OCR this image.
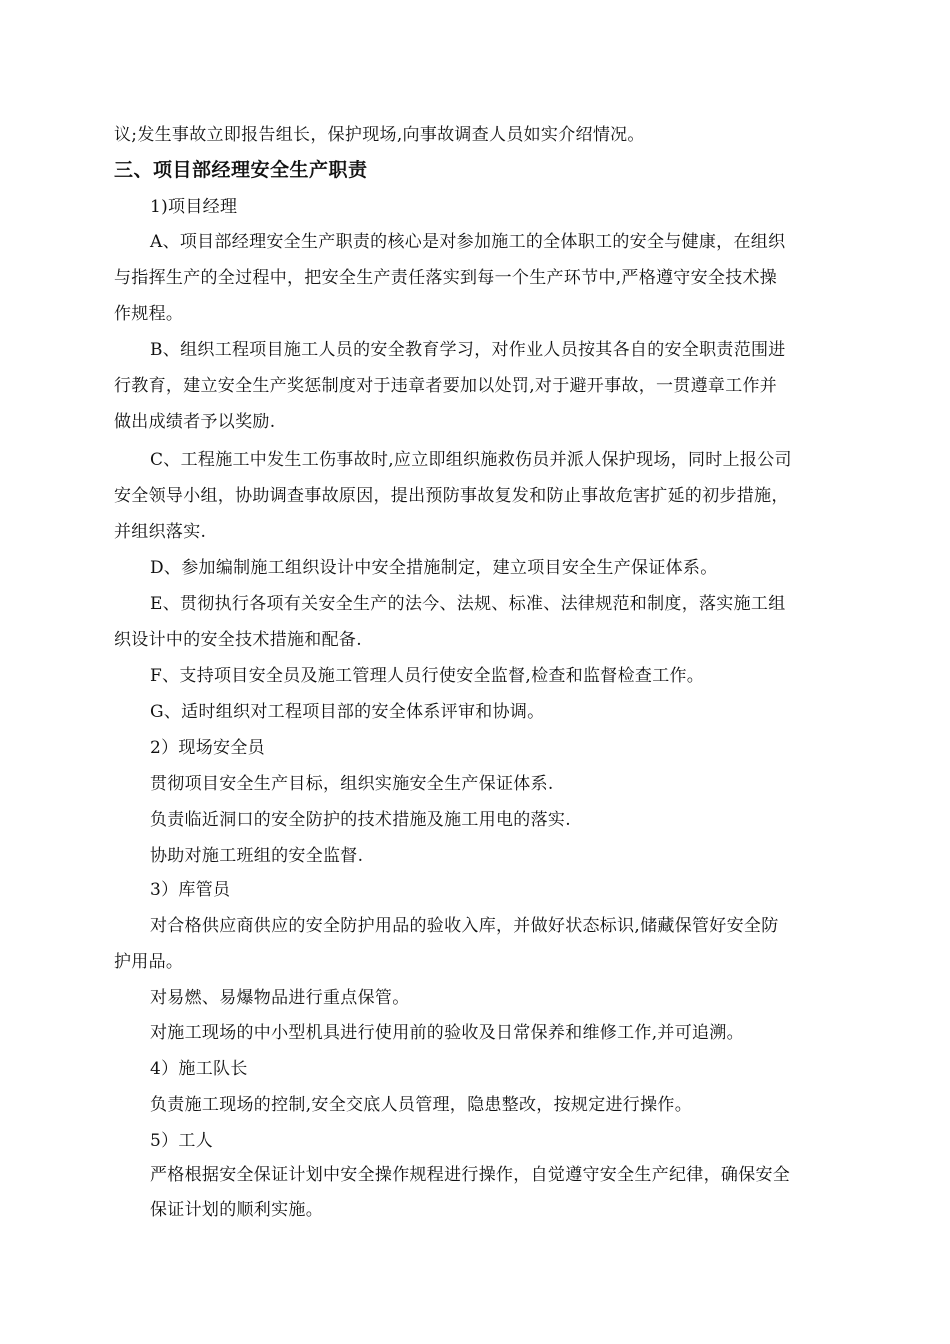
议;发生事故立即报告组长，保护现场,向事故调查人员如实介绍情况。
三、项目部经理安全生产职责
1)项目经理
A、项目部经理安全生产职责的核心是对参加施工的全体职工的安全与健康，在组织
与指挥生产的全过程中，把安全生产责任落实到每一个生产环节中,严格遵守安全技术操
作规程。
B、组织工程项目施工人员的安全教育学习，对作业人员按其各自的安全职责范围进
行教育，建立安全生产奖惩制度对于违章者要加以处罚,对于避开事故，一贯遵章工作并
做出成绩者予以奖励.
C、工程施工中发生工伤事故时,应立即组织施救伤员并派人保护现场，同时上报公司
安全领导小组，协助调查事故原因，提出预防事故复发和防止事故危害扩延的初步措施，
并组织落实.
D、参加编制施工组织设计中安全措施制定，建立项目安全生产保证体系。
E、贯彻执行各项有关安全生产的法今、法规、标准、法律规范和制度，落实施工组
织设计中的安全技术措施和配备.
F、支持项目安全员及施工管理人员行使安全监督,检查和监督检查工作。
G、适时组织对工程项目部的安全体系评审和协调。
2）现场安全员
贯彻项目安全生产目标，组织实施安全生产保证体系.
负责临近洞口的安全防护的技术措施及施工用电的落实.
协助对施工班组的安全监督.
3）库管员
对合格供应商供应的安全防护用品的验收入库，并做好状态标识,储藏保管好安全防
护用品。
对易燃、易爆物品进行重点保管。
对施工现场的中小型机具进行使用前的验收及日常保养和维修工作,并可追溯。
4）施工队长
负责施工现场的控制,安全交底人员管理，隐患整改，按规定进行操作。
5）工人
严格根据安全保证计划中安全操作规程进行操作，自觉遵守安全生产纪律，确保安全
保证计划的顺利实施。
